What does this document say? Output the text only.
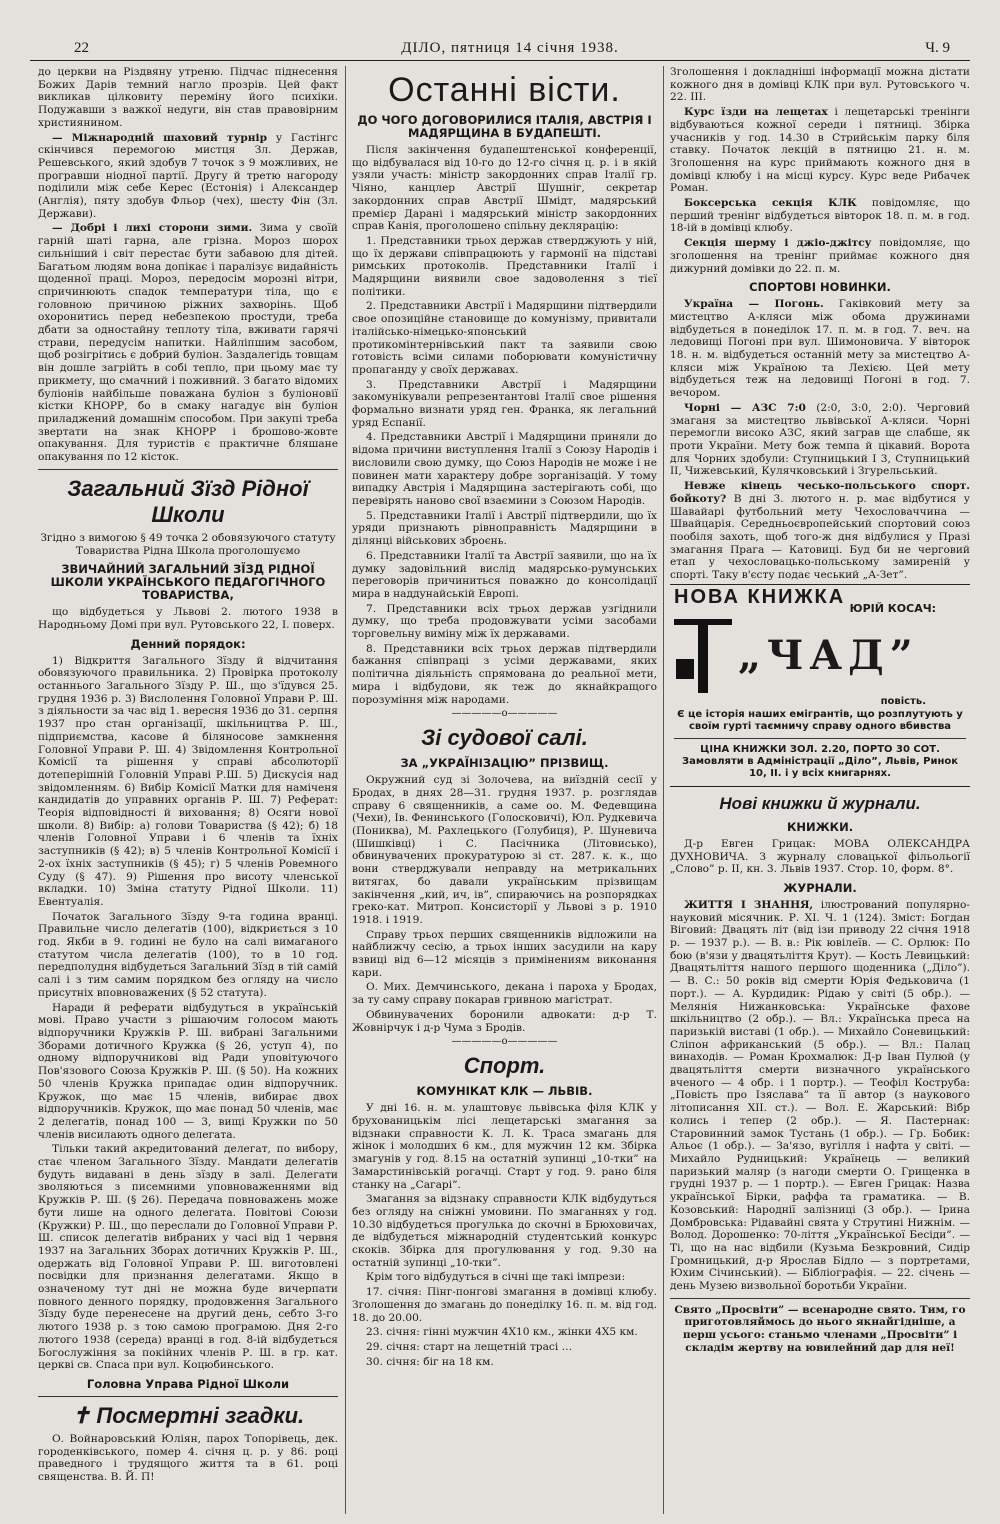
22	ДІЛО, пятниця 14 січня 1938.	Ч. 9

до церкви на Різдвяну утреню. Підчас піднесення Божих Дарів темний нагло прозрів. Цей факт викликав цілковиту переміну його психіки. Подужавши з важкої недуги, він став правовірним християнином.

— Міжнародній шаховий турнір у Гастінгс скінчився перемогою мистця Зл. Держав, Решевського, який здобув 7 точок з 9 можливих, не програвши ніодної партії. Другу й третю нагороду поділили між себе Керес (Естонія) і Алєксандер (Англія), пяту здобув Фльор (чех), шесту Фін (Зл. Держави).

— Добрі і лихі сторони зими. Зима у своїй гарній шаті гарна, але грізна. Мороз шорох сильніший і світ перестає бути забавою для дітей. Багатьом людям вона допікає і паралізує видайність щоденної праці. Мороз, передосім морозні вітри, спричинюють спадок температури тіла, що є головною причиною ріжних захворінь. Щоб охоронитись перед небезпекою простуди, треба дбати за одностайну теплоту тіла, вживати гарячі страви, передусім напитки. Найліпшим засобом, щоб розігрітись є добрий буліон. Заздалегідь товщам він дошле загрійть в собі тепло, при цьому має ту прикмету, що смачний і поживний. З багато відомих буліонів найбільше поважана буліон з буліоновії кістки КНОРР, бо в смаку нагадує він буліон приладжений домашнім способом. При закупі треба звертати на знак КНОРР і брошово-жовте опакування. Для туристів є практичне бляшане опакування по 12 кісток.

Загальний Зїзд Рідної Школи

Згідно з вимогою § 49 точка 2 обовязуючого статуту Товариства Рідна Школа проголошуємо

ЗВИЧАЙНИЙ ЗАГАЛЬНИЙ ЗЇЗД РІДНОЇ ШКОЛИ УКРАЇНСЬКОГО ПЕДАГОГІЧНОГО ТОВАРИСТВА,

що відбудеться у Львові 2. лютого 1938 в Народньому Домі при вул. Рутовського 22, I. поверх.

Денний порядок:

1) Відкриття Загального Зїзду й відчитання обовязуючого правильника. 2) Провірка протоколу останнього Загального Зїзду Р. Ш., що з'їдувся 25. грудня 1936 р. 3) Вислолення Головної Управи Р. Ш. з діяльности за час від 1. вересня 1936 до 31. серпня 1937 про стан організації, шкільництва Р. Ш., підприємства, касове й біляносове замкнення Головної Управи Р. Ш. 4) Звідомлення Контрольної Комісії та рішення у справі абсолюторії дотеперішній Головній Управі Р.Ш. 5) Дискусія над звідомленням. 6) Вибір Комісії Матки для наміченя кандидатів до управних органів Р. Ш. 7) Реферат: Теорія відповідності й виховання; 8) Осяги нової школи. 8) Вибір: а) голови Товариства (§ 42); б) 18 членів Головної Управи і 6 членів та їхніх заступників (§ 42); в) 5 членів Контрольної Комісії і 2-ох їхніх заступників (§ 45); г) 5 членів Ровемного Суду (§ 47). 9) Рішення про висоту членської вкладки. 10) Зміна статуту Рідної Школи. 11) Евентуалія.

Початок Загального Зїзду 9-та година вранці. Правильне число делегатів (100), відкриється з 10 год. Якби в 9. годині не було на салі вимаганого статутом числа делегатів (100), то в 10 год. передполудня відбудеться Загальний Зїзд в тій самій салі і з тим самим порядком без огляду на число присутніх вповноважених (§ 52 статута).

Наради й реферати відбудуться в українській мові. Право участи з рішаючим голосом мають відпоручники Кружків Р. Ш. вибрані Загальними Зборами дотичного Кружка (§ 26, уступ 4), по одному відпоручникові від Ради уповітуючого Пов'язового Союза Кружків Р. Ш. (§ 50). На кожних 50 членів Кружка припадає один відпоручник. Кружок, що має 15 членів, вибирає двох відпоручників. Кружок, що має понад 50 членів, має 2 делегатів, понад 100 — 3, вищі Кружки по 50 членів висилають одного делегата.

Тільки такий акредитований делегат, по вибору, стає членом Загального Зїзду. Мандати делегатів будуть видавані в день зїзду в залі. Делегати зволяються з писемними уповноваженнями від Кружків Р. Ш. (§ 26). Передача повноважень може бути лише на одного делегата. Повітові Союзи (Кружки) Р. Ш., що переслали до Головної Управи Р. Ш. список делегатів вибраних у часі від 1 червня 1937 на Загальних Зборах дотичних Кружків Р. Ш., одержать від Головної Управи Р. Ш. виготовлені посвідки для признання делегатами. Якщо в означеному тут дні не можна буде вичерпати повного денного порядку, продовження Загального Зїзду буде перенесене на другий день, себто 3-го лютого 1938 р. з тою самою програмою. Дня 2-го лютого 1938 (середа) вранці в год. 8-ій відбудеться Богослужіння за покійних членів Р. Ш. в гр. кат. церкві св. Спаса при вул. Коцюбинського.

Головна Управа Рідної Школи
✝ Посмертні згадки.

О. Войнаровський Юліян, парох Топорівець, дек. городенківського, помер 4. січня ц. р. у 86. році праведного і трудящого життя та в 61. році священства. В. Й. П!

Останні вісти.
ДО ЧОГО ДОГОВОРИЛИСЯ ІТАЛІЯ, АВСТРІЯ І МАДЯРЩИНА В БУДАПЕШТІ.

Після закінчення будапештенської конференції, що відбувалася від 10-го до 12-го січня ц. р. і в якій узяли участь: міністр закордонних справ Італії гр. Чіяно, канцлер Австрії Шушніг, секретар закордонних справ Австрії Шмідт, мадярський премієр Дарані і мадярський міністр закордонних справ Канія, проголошено спільну деклярацію:

1. Представники трьох держав стверджують у ній, що їх держави співпрацюють у гармонії на підставі римських протоколів. Представники Італії і Мадярщини виявили свое задоволення з тієї політики.

2. Представники Австрії і Мадярщини підтвердили свое опозиційне становище до комунізму, привитали італійсько-німецько-японський протикомінтернівський пакт та заявили свою готовість всіми силами поборювати комуністичну пропаганду у своїх державах.

3. Представники Австрії і Мадярщини закомунікували репрезентантові Італії свое рішення формально визнати уряд ген. Франка, як легальний уряд Еспанії.

4. Представники Австрії і Мадярщини приняли до відома причини виступлення Італії з Союзу Народів і висловили свою думку, що Союз Народів не може і не повинен мати характеру добре зорганізацій. У тому випадку Австрія і Мадярщина застерігають собі, що перевірять наново свої взаємини з Союзом Народів.

5. Представники Італії і Австрії підтвердили, що їх уряди признають рівноправність Мадярщини в ділянці військових зброєнь.

6. Представники Італії та Австрії заявили, що на їх думку задовільний вислід мадярсько-румунських переговорів причиниться поважно до консолідації мира в наддунайській Европі.

7. Представники всіх трьох держав узгіднили думку, що треба продовжувати усіми засобами торговельну виміну між їх державами.

8. Представники всіх трьох держав підтвердили бажання співпраці з усіми державами, яких політична діяльність спрямована до реальної мети, мира і відбудови, як теж до якнайкращого порозуміння між народами.

—————o—————
Зі судової салі.
ЗА „УКРАЇНІЗАЦІЮ” ПРІЗВИЩ.

Окружний суд зі Золочева, на виїздній сесії у Бродах, в днях 28—31. грудня 1937. р. розглядав справу 6 священників, а саме оо. М. Федевщина (Чехи), Ів. Фенинського (Голосковичі), Юл. Рудкевича (Пониква), М. Рахлецького (Голубиця), Р. Шуневича (Шишківці) і С. Пасічника (Літовисько), обвинувачених прокуратурою зі ст. 287. к. к., що вони стверджували неправду на метрикальних витягах, бо давали українським прізвищам закінчення „кий, ич, ів”, спираючись на розпорядках греко-кат. Митроп. Консисторії у Львові з р. 1910 1918. і 1919.

Справу трьох перших священників відложили на найближчу сесію, а трьох інших засудили на кару взвиці від 6—12 місяців з примінениям виконання кари.

О. Мих. Демчинського, декана і пароха у Бродах, за ту саму справу покарав гривною магістрат.

Обвинувачених боронили адвокати: д-р Т. Жовнірчук і д-р Чума з Бродів.

—————o—————
Спорт.
КОМУНІКАТ КЛК — ЛЬВІВ.

У дні 16. н. м. улаштовує львівська філя КЛК у брухованицькім лісі лещетарські змагання за відзнаки справности К. Л. К. Траса змагань для жінок і молодших 6 км., для мужчин 12 км. Збірка змагунів у год. 8.15 на остатній зупинці „10-тки” на Замарстинівській рогачці. Старт у год. 9. рано біля станку на „Сагарі”.

Змагання за відзнаку справности КЛК відбудуться без огляду на сніжні умовини. По змаганнях у год. 10.30 відбудеться прогулька до скочні в Брюховичах, де відбудеться міжнародній студентський конкурс скоків. Збірка для прогулювання у год. 9.30 на остатній зупинці „10-тки”.

Крім того відбудуться в січні ще такі імпрези:

17. січня: Пінг-понгові змагання в домівці клюбу. Зголошення до змагань до понеділку 16. п. м. від год. 18. до 20.00.

23. січня: гінні мужчин 4Х10 км., жінки 4Х5 км.

29. січня: старт на лещетній трасі …

30. січня: біг на 18 км.

Зголошення і докладніші інформації можна дістати кожного дня в домівці КЛК при вул. Рутовського ч. 22. III.

Курс їзди на лещетах і лещетарські тренінги відбуваються кожної середи і пятниці. Збірка учасників у год. 14.30 в Стрийськім парку біля ставку. Початок лекцій в пятницю 21. н. м. Зголошення на курс приймають кожного дня в домівці клюбу і на місці курсу. Курс веде Рибачек Роман.

Боксерська секція КЛК повідомляє, що перший тренінг відбудеться вівторок 18. п. м. в год. 18-ій в домівці клюбу.

Секція шерму і джіо-джітсу повідомляє, що зголошення на тренінг приймає кожного дня дижурний домівки до 22. п. м.

СПОРТОВІ НОВИНКИ.

Україна — Погонь. Гаківковий мету за мистецтво А-кляси між обома дружинами відбудеться в понеділок 17. п. м. в год. 7. веч. на ледовищі Погоні при вул. Шимоновича. У вівторок 18. н. м. відбудеться останній мету за мистецтво А-кляси між Україною та Лехією. Цей мету відбудеться теж на ледовищі Погоні в год. 7. вечором.

Чорні — АЗС 7:0 (2:0, 3:0, 2:0). Черговий змаганя за мистецтво львівської А-кляси. Чорні перемогли високо АЗС, який заграв ще слабше, як проти України. Мету бож темпа й цікавий. Ворота для Чорних здобули: Ступницький I 3, Ступницький II, Чижевський, Кулячковський і Згурельський.

Невже кінець чесько-польського спорт. бойкоту? В дні 3. лютого н. р. має відбутися у Шавайарі футбольний мету Чехословаччина — Швайцарія. Середньоєвропейський спортовий союз пообіля захоть, щоб того-ж дня відбулися у Празі змагання Прага — Катовиці. Буд би не черговий етап у чехословацько-польському замиреній у спорті. Таку в'єсту подає чеський „А-Зет”.

НОВА КНИЖКА
ЮРІЙ КОСАЧ:
„ЧАД”
повість.
Є це історія наших емігрантів, що розплутують у своїм гурті таємничу справу одного вбивства
ЦІНА КНИЖКИ ЗОЛ. 2.20, ПОРТО 30 СОТ.
Замовляти в Адміністрації „Діло”, Львів, Ринок 10, II. і у всіх книгарнях.
Нові книжки й журнали.
КНИЖКИ.

Д-р Евген Грицак: МОВА ОЛЕКСАНДРА ДУХНОВИЧА. З журналу словацької фільольогії „Слово” р. II, кн. 3. Львів 1937. Стор. 10, форм. 8°.

ЖУРНАЛИ.

ЖИТТЯ І ЗНАННЯ, ілюстрований популярно-науковий місячник. Р. XI. Ч. 1 (124). Зміст: Богдан Віговий: Двацять літ (від ізи приводу 22 січня 1918 р. — 1937 р.). — В. в.: Рік ювілеїв. — С. Орлюк: По бою (в'язи у двацятьліття Крут). — Кость Левицький: Двацятьліття нашого першого щоденника („Діло”). — В. С.: 50 років від смерти Юрія Федьковича (1 порт.). — А. Курдидик: Рідаю у світі (5 обр.). — Мелянія Нижанковська: Українське фахове шкільництво (2 обр.). — Вл.: Українська преса на паризькій виставі (1 обр.). — Михайло Соневицький: Сліпон африканський (5 обр.). — Вл.: Палац винаходів. — Роман Крохмалюк: Д-р Іван Пулюй (у двацятьліття смерти визначного українського вченого — 4 обр. і 1 портр.). — Теофіл Коструба: „Повість про Ізяслава” та її автор (з наукового літописання XII. ст.). — Вол. Е. Жарський: Вібр колись і тепер (2 обр.). — Я. Пастернак: Старовинний замок Тустань (1 обр.). — Гр. Бобик: Альоє (1 обр.). — За'язо, вугілля і нафта у світі. — Михайло Рудницький: Українець — великий паризький маляр (з нагоди смерти О. Грищенка в грудні 1937 р. — 1 портр.). — Евген Грицак: Назва української Бірки, раффа та граматика. — В. Козовський: Народнії залізниці (3 обр.). — Ірина Домбровська: Рідавайні свята у Струтині Нижнім. — Волод. Дорошенко: 70-ліття „Української Бесіди”. — Ті, що на нас відбили (Кузьма Безкровний, Сидір Громницький, д-р Ярослав Бідло — з портретами, Юхим Січинський). — Бібліографія. — 22. січень — день Музею визвольної боротьби України.

Свято „Просвіти” — всенародне свято. Тим, го приготовляймось до нього якнайгідніше, а перш усього: станьмо членами „Просвіти” і складім жертву на ювилейний дар для неї!
